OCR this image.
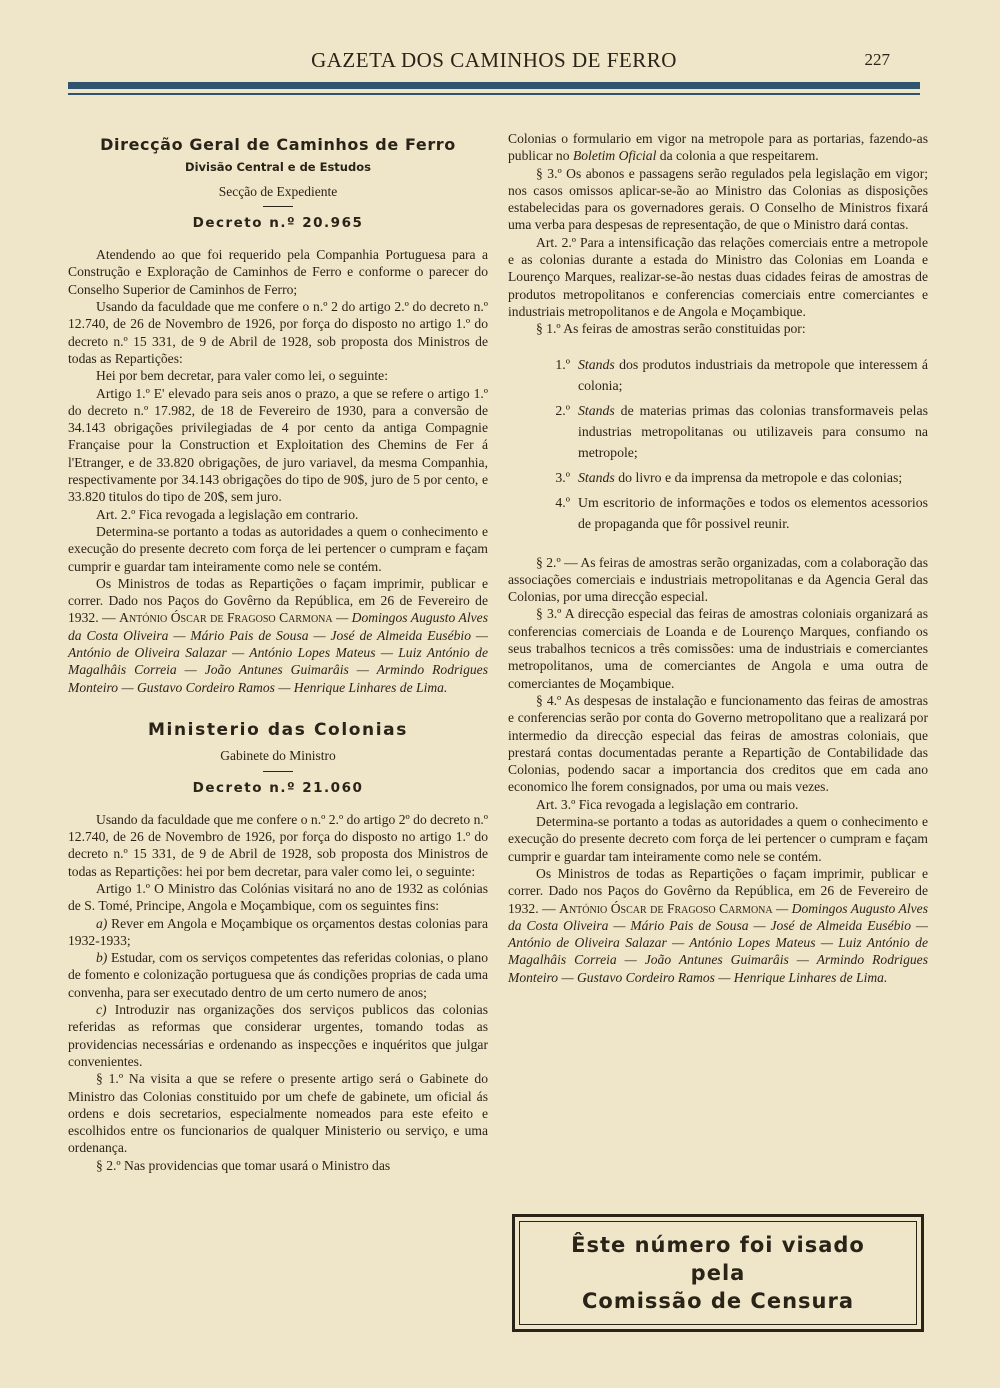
GAZETA DOS CAMINHOS DE FERRO	227
Direcção Geral de Caminhos de Ferro
Divisão Central e de Estudos
Secção de Expediente
Decreto n.º 20.965

Atendendo ao que foi requerido pela Companhia Portuguesa para a Construção e Exploração de Caminhos de Ferro e conforme o parecer do Conselho Superior de Caminhos de Ferro;

Usando da faculdade que me confere o n.º 2 do artigo 2.º do decreto n.º 12.740, de 26 de Novembro de 1926, por força do disposto no artigo 1.º do decreto n.º 15 331, de 9 de Abril de 1928, sob proposta dos Ministros de todas as Repartições:

Hei por bem decretar, para valer como lei, o seguinte:

Artigo 1.º E' elevado para seis anos o prazo, a que se refere o artigo 1.º do decreto n.º 17.982, de 18 de Fevereiro de 1930, para a conversão de 34.143 obrigações privilegiadas de 4 por cento da antiga Compagnie Française pour la Construction et Exploitation des Chemins de Fer á l'Etranger, e de 33.820 obrigações, de juro variavel, da mesma Companhia, respectivamente por 34.143 obrigações do tipo de 90$, juro de 5 por cento, e 33.820 titulos do tipo de 20$, sem juro.

Art. 2.º Fica revogada a legislação em contrario.

Determina-se portanto a todas as autoridades a quem o conhecimento e execução do presente decreto com força de lei pertencer o cumpram e façam cumprir e guardar tam inteiramente como nele se contém.

Os Ministros de todas as Repartições o façam imprimir, publicar e correr. Dado nos Paços do Govêrno da República, em 26 de Fevereiro de 1932. — António Óscar de Fragoso Carmona — Domingos Augusto Alves da Costa Oliveira — Mário Pais de Sousa — José de Almeida Eusébio — António de Oliveira Salazar — António Lopes Mateus — Luiz António de Magalhâis Correia — João Antunes Guimarâis — Armindo Rodrigues Monteiro — Gustavo Cordeiro Ramos — Henrique Linhares de Lima.

Ministerio das Colonias
Gabinete do Ministro
Decreto n.º 21.060

Usando da faculdade que me confere o n.º 2.º do artigo 2º do decreto n.º 12.740, de 26 de Novembro de 1926, por força do disposto no artigo 1.º do decreto n.º 15 331, de 9 de Abril de 1928, sob proposta dos Ministros de todas as Repartições: hei por bem decretar, para valer como lei, o seguinte:

Artigo 1.º O Ministro das Colónias visitará no ano de 1932 as colónias de S. Tomé, Principe, Angola e Moçambique, com os seguintes fins:

a) Rever em Angola e Moçambique os orçamentos destas colonias para 1932-1933;

b) Estudar, com os serviços competentes das referidas colonias, o plano de fomento e colonização portuguesa que ás condições proprias de cada uma convenha, para ser executado dentro de um certo numero de anos;

c) Introduzir nas organizações dos serviços publicos das colonias referidas as reformas que considerar urgentes, tomando todas as providencias necessárias e ordenando as inspecções e inquéritos que julgar convenientes.

§ 1.º Na visita a que se refere o presente artigo será o Gabinete do Ministro das Colonias constituido por um chefe de gabinete, um oficial ás ordens e dois secretarios, especialmente nomeados para este efeito e escolhidos entre os funcionarios de qualquer Ministerio ou serviço, e uma ordenança.

§ 2.º Nas providencias que tomar usará o Ministro das

Colonias o formulario em vigor na metropole para as portarias, fazendo-as publicar no Boletim Oficial da colonia a que respeitarem.

§ 3.º Os abonos e passagens serão regulados pela legislação em vigor; nos casos omissos aplicar-se-ão ao Ministro das Colonias as disposições estabelecidas para os governadores gerais. O Conselho de Ministros fixará uma verba para despesas de representação, de que o Ministro dará contas.

Art. 2.º Para a intensificação das relações comerciais entre a metropole e as colonias durante a estada do Ministro das Colonias em Loanda e Lourenço Marques, realizar-se-ão nestas duas cidades feiras de amostras de produtos metropolitanos e conferencias comerciais entre comerciantes e industriais metropolitanos e de Angola e Moçambique.

§ 1.º As feiras de amostras serão constituidas por:

1.º Stands dos produtos industriais da metropole que interessem á colonia;
2.º Stands de materias primas das colonias transformaveis pelas industrias metropolitanas ou utilizaveis para consumo na metropole;
3.º Stands do livro e da imprensa da metropole e das colonias;
4.º Um escritorio de informações e todos os elementos acessorios de propaganda que fôr possivel reunir.

§ 2.º — As feiras de amostras serão organizadas, com a colaboração das associações comerciais e industriais metropolitanas e da Agencia Geral das Colonias, por uma direcção especial.

§ 3.º A direcção especial das feiras de amostras coloniais organizará as conferencias comerciais de Loanda e de Lourenço Marques, confiando os seus trabalhos tecnicos a três comissões: uma de industriais e comerciantes metropolitanos, uma de comerciantes de Angola e uma outra de comerciantes de Moçambique.

§ 4.º As despesas de instalação e funcionamento das feiras de amostras e conferencias serão por conta do Governo metropolitano que a realizará por intermedio da direcção especial das feiras de amostras coloniais, que prestará contas documentadas perante a Repartição de Contabilidade das Colonias, podendo sacar a importancia dos creditos que em cada ano economico lhe forem consignados, por uma ou mais vezes.

Art. 3.º Fica revogada a legislação em contrario.

Determina-se portanto a todas as autoridades a quem o conhecimento e execução do presente decreto com força de lei pertencer o cumpram e façam cumprir e guardar tam inteiramente como nele se contém.

Os Ministros de todas as Repartições o façam imprimir, publicar e correr. Dado nos Paços do Govêrno da República, em 26 de Fevereiro de 1932. — António Óscar de Fragoso Carmona — Domingos Augusto Alves da Costa Oliveira — Mário Pais de Sousa — José de Almeida Eusébio — António de Oliveira Salazar — António Lopes Mateus — Luiz António de Magalhâis Correia — João Antunes Guimarâis — Armindo Rodrigues Monteiro — Gustavo Cordeiro Ramos — Henrique Linhares de Lima.

Êste número foi visado
pela
Comissão de Censura
